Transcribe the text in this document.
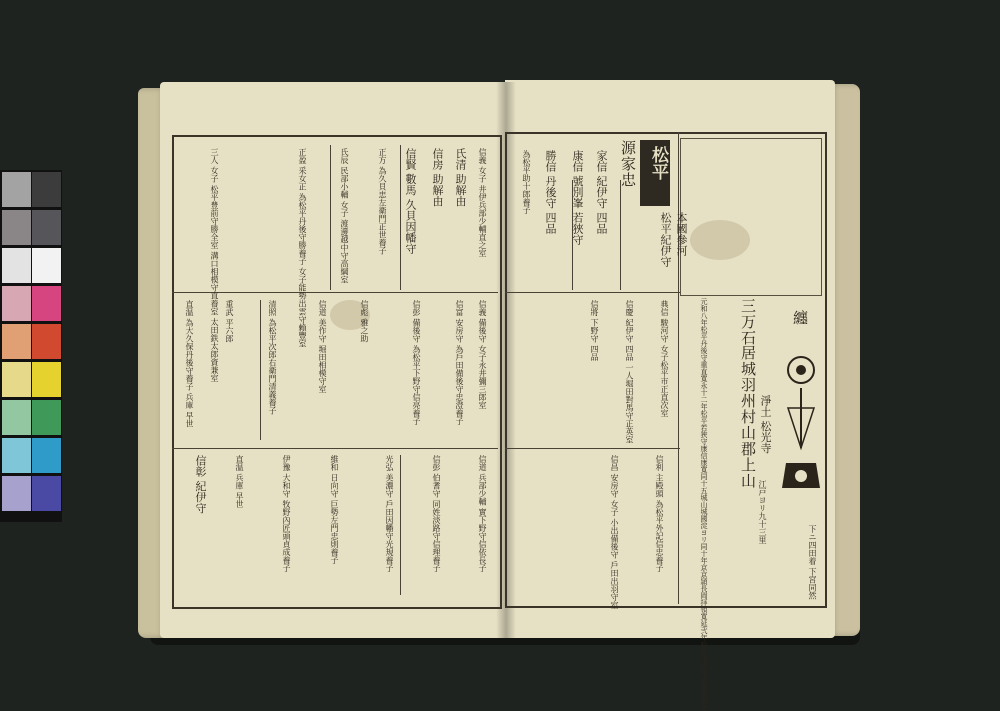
松平
源家忠
本國參河
松平紀伊守
家信 紀伊守 四品
康信 號別峯 若狹守
勝信 丹後守 四品
為松平助十郎養子
典信 駿河守 女子松平市正直次室
信慶 紀伊守 四品 一人堀田對馬守正英室
信將 下野守 四品
信利 主殿頭 為松平外記信忠養子
信昌 安房守 女子 小出備後守 戶田出羽守室
三万石
居城羽州村山郡上山
江戸ヨリ九十三里
淨土 松光寺
元和八年松平丹後守重直寬永十二年松平若狹守康信康寬同十五城山城國淀ヨリ同十年京京頴長岡拝領寬延弐年松平紀伊守信通後頒之	纏
下ニ四田着 下宮同然
信義 女子 井伊兵部少輔直之室
氏清 助解由
信房 助解由
信賢 數馬 久貝因幡守
正方 為久貝忠左衛門正世養子
氏辰 民部小輔 女子 渡邊越中守高綱室
正盈 采女正 為松平丹後守勝養子 女子能勢出雲守賴豐室
三人 女子 松平豊前守勝全室 溝口相模守直養室 太田鉄太郎資兼室	信義 備後守 女子永井彌三郎室
信富 安房守 為戶田備後守忠澄養子
信彭 備後守 為松平下野守信亮養子
信彪 雅之助
信道 美作守 堀田相模守室
清照 為松平次郎右衛門清義養子
重武 平六郎
直温 為大久保丹後守養子 兵庫 早世
信道 兵部少輔 實下野守信依長子
信彭 伯耆守 同姓淡路守信理養子
光弘 美濃守 戶田因幡守光規養子
維和 日向守 巨勢左門忠則養子
伊豫 大和守 牧野內匠頭貞成養子
直温 兵庫 早世
信彰 紀伊守
